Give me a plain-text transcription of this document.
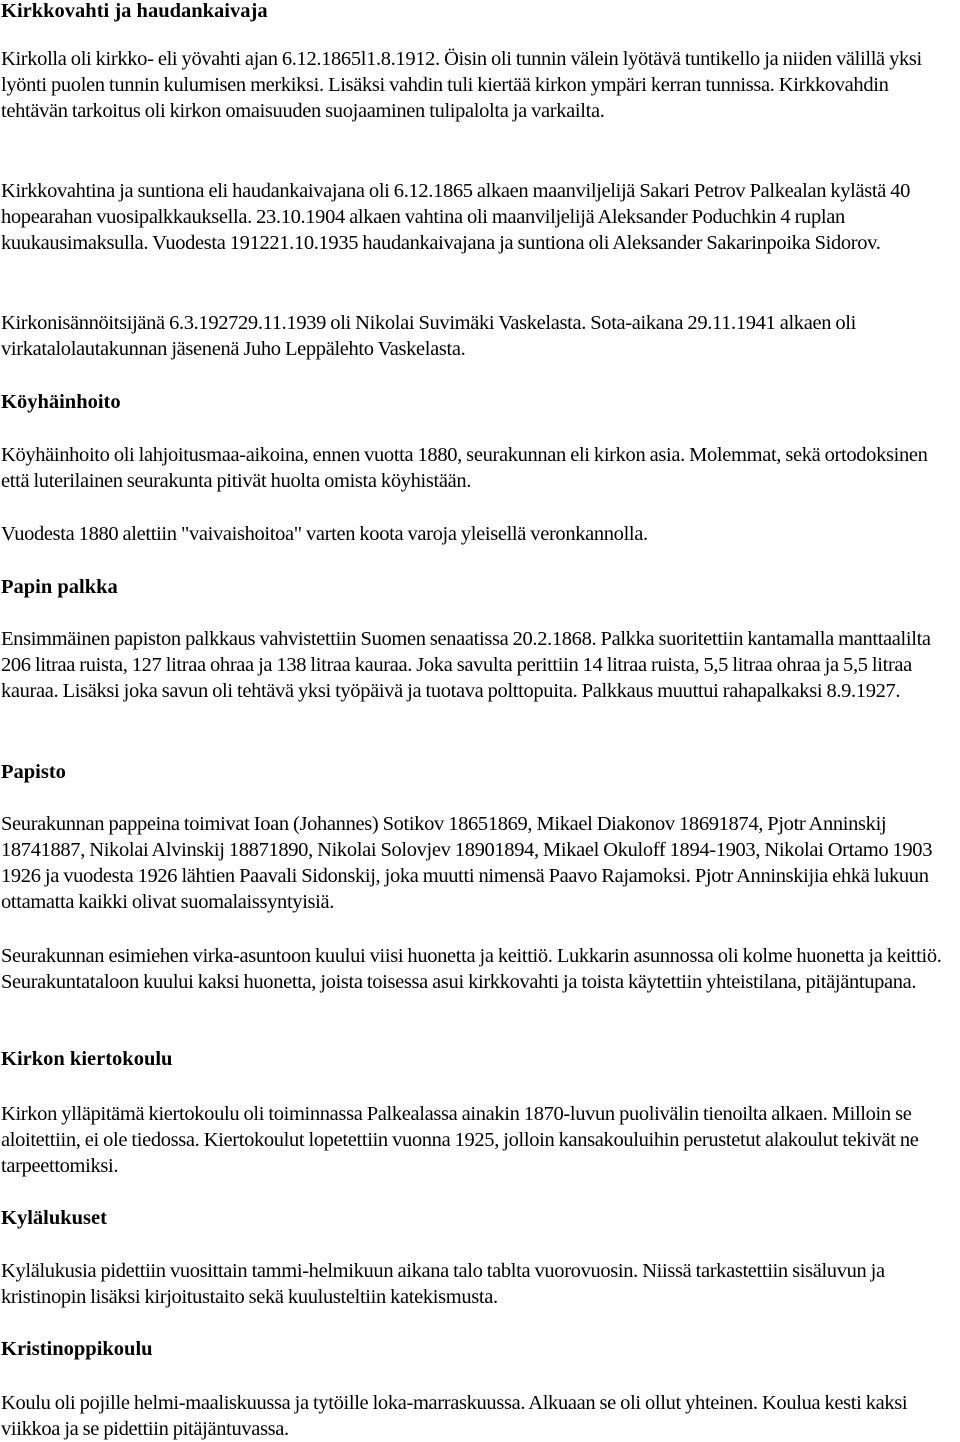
Kirkkovahti ja haudankaivaja

Kirkolla oli kirkko- eli yövahti ajan 6.12.1865l1.8.1912. Öisin oli tunnin välein lyötävä tuntikello ja niiden välillä yksi lyönti puolen tunnin kulumisen merkiksi. Lisäksi vahdin tuli kiertää kirkon ympäri kerran tunnissa. Kirkkovahdin tehtävän tarkoitus oli kirkon omaisuuden suojaaminen tulipalolta ja varkailta.

Kirkkovahtina ja suntiona eli haudankaivajana oli 6.12.1865 alkaen maanviljelijä Sakari Petrov Palkealan kylästä 40 hopearahan vuosipalkkauksella. 23.10.1904 alkaen vahtina oli maanviljelijä Aleksander Poduchkin 4 ruplan kuukausimaksulla. Vuodesta 191221.10.1935 haudankaivajana ja suntiona oli Aleksander Sakarinpoika Sidorov.

Kirkonisännöitsijänä 6.3.192729.11.1939 oli Nikolai Suvimäki Vaskelasta. Sota-aikana 29.11.1941 alkaen oli virkatalolautakunnan jäsenenä Juho Leppälehto Vaskelasta.

Köyhäinhoito

Köyhäinhoito oli lahjoitusmaa-aikoina, ennen vuotta 1880, seurakunnan eli kirkon asia. Molemmat, sekä ortodoksinen että luterilainen seurakunta pitivät huolta omista köyhistään.

Vuodesta 1880 alettiin "vaivaishoitoa" varten koota varoja yleisellä veronkannolla.

Papin palkka

Ensimmäinen papiston palkkaus vahvistettiin Suomen senaatissa 20.2.1868. Palkka suoritettiin kantamalla manttaalilta 206 litraa ruista, 127 litraa ohraa ja 138 litraa kauraa. Joka savulta perittiin 14 litraa ruista, 5,5 litraa ohraa ja 5,5 litraa kauraa. Lisäksi joka savun oli tehtävä yksi työpäivä ja tuotava polttopuita. Palkkaus muuttui rahapalkaksi 8.9.1927.

Papisto

Seurakunnan pappeina toimivat Ioan (Johannes) Sotikov 18651869, Mikael Diakonov 18691874, Pjotr Anninskij 18741887, Nikolai Alvinskij 18871890, Nikolai Solovjev 18901894, Mikael Okuloff 1894-1903, Nikolai Ortamo 1903 1926 ja vuodesta 1926 lähtien Paavali Sidonskij, joka muutti nimensä Paavo Rajamoksi. Pjotr Anninskijia ehkä lukuun ottamatta kaikki olivat suomalaissyntyisiä.

Seurakunnan esimiehen virka-asuntoon kuului viisi huonetta ja keittiö. Lukkarin asunnossa oli kolme huonetta ja keittiö. Seurakuntataloon kuului kaksi huonetta, joista toisessa asui kirkkovahti ja toista käytettiin yhteistilana, pitäjäntupana.

Kirkon kiertokoulu

Kirkon ylläpitämä kiertokoulu oli toiminnassa Palkealassa ainakin 1870-luvun puolivälin tienoilta alkaen. Milloin se aloitettiin, ei ole tiedossa. Kiertokoulut lopetettiin vuonna 1925, jolloin kansakouluihin perustetut alakoulut tekivät ne tarpeettomiksi.

Kylälukuset

Kylälukusia pidettiin vuosittain tammi-helmikuun aikana talo tablta vuorovuosin. Niissä tarkastettiin sisäluvun ja kristinopin lisäksi kirjoitustaito sekä kuulusteltiin katekismusta.

Kristinoppikoulu

Koulu oli pojille helmi-maaliskuussa ja tytöille loka-marraskuussa. Alkuaan se oli ollut yhteinen. Koulua kesti kaksi viikkoa ja se pidettiin pitäjäntuvassa.
